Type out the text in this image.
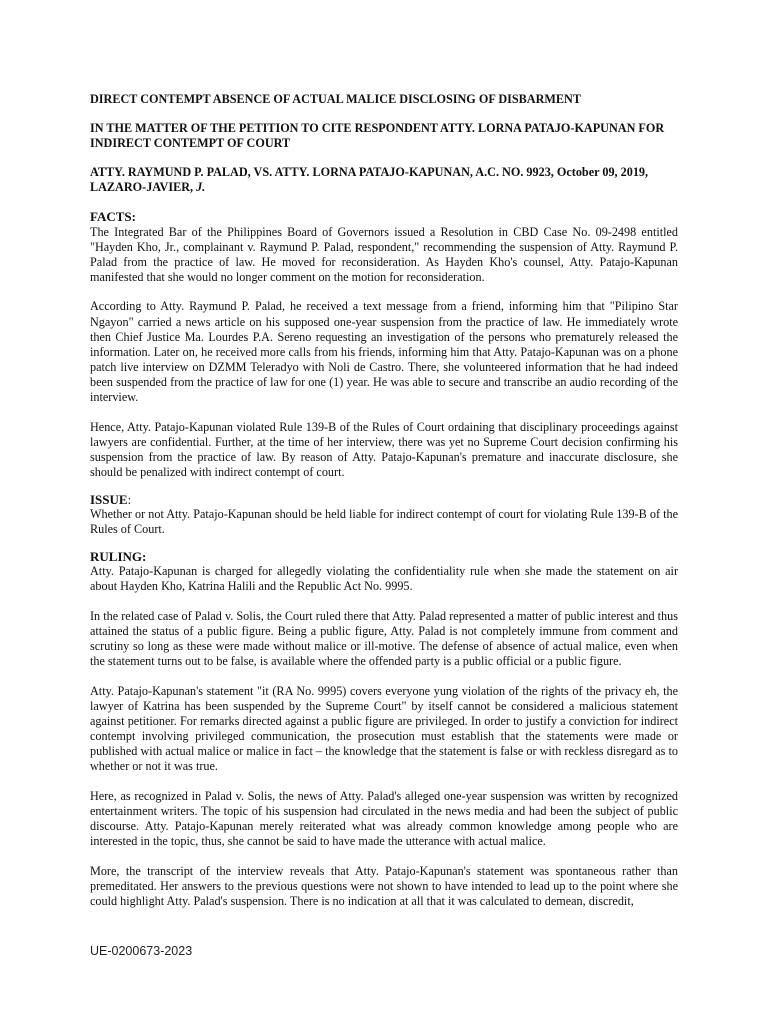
DIRECT CONTEMPT ABSENCE OF ACTUAL MALICE DISCLOSING OF DISBARMENT
IN THE MATTER OF THE PETITION TO CITE RESPONDENT ATTY. LORNA PATAJO-KAPUNAN FOR INDIRECT CONTEMPT OF COURT
ATTY. RAYMUND P. PALAD, VS. ATTY. LORNA PATAJO-KAPUNAN, A.C. NO. 9923, October 09, 2019, LAZARO-JAVIER, J.
FACTS:

The Integrated Bar of the Philippines Board of Governors issued a Resolution in CBD Case No. 09-2498 entitled "Hayden Kho, Jr., complainant v. Raymund P. Palad, respondent," recommending the suspension of Atty. Raymund P. Palad from the practice of law. He moved for reconsideration. As Hayden Kho's counsel, Atty. Patajo-Kapunan manifested that she would no longer comment on the motion for reconsideration.

According to Atty. Raymund P. Palad, he received a text message from a friend, informing him that "Pilipino Star Ngayon" carried a news article on his supposed one-year suspension from the practice of law. He immediately wrote then Chief Justice Ma. Lourdes P.A. Sereno requesting an investigation of the persons who prematurely released the information. Later on, he received more calls from his friends, informing him that Atty. Patajo-Kapunan was on a phone patch live interview on DZMM Teleradyo with Noli de Castro. There, she volunteered information that he had indeed been suspended from the practice of law for one (1) year. He was able to secure and transcribe an audio recording of the interview.

Hence, Atty. Patajo-Kapunan violated Rule 139-B of the Rules of Court ordaining that disciplinary proceedings against lawyers are confidential. Further, at the time of her interview, there was yet no Supreme Court decision confirming his suspension from the practice of law. By reason of Atty. Patajo-Kapunan's premature and inaccurate disclosure, she should be penalized with indirect contempt of court.

ISSUE:

Whether or not Atty. Patajo-Kapunan should be held liable for indirect contempt of court for violating Rule 139-B of the Rules of Court.

RULING:

Atty. Patajo-Kapunan is charged for allegedly violating the confidentiality rule when she made the statement on air about Hayden Kho, Katrina Halili and the Republic Act No. 9995.

In the related case of Palad v. Solis, the Court ruled there that Atty. Palad represented a matter of public interest and thus attained the status of a public figure. Being a public figure, Atty. Palad is not completely immune from comment and scrutiny so long as these were made without malice or ill-motive. The defense of absence of actual malice, even when the statement turns out to be false, is available where the offended party is a public official or a public figure.

Atty. Patajo-Kapunan's statement "it (RA No. 9995) covers everyone yung violation of the rights of the privacy eh, the lawyer of Katrina has been suspended by the Supreme Court" by itself cannot be considered a malicious statement against petitioner. For remarks directed against a public figure are privileged. In order to justify a conviction for indirect contempt involving privileged communication, the prosecution must establish that the statements were made or published with actual malice or malice in fact – the knowledge that the statement is false or with reckless disregard as to whether or not it was true.

Here, as recognized in Palad v. Solis, the news of Atty. Palad's alleged one-year suspension was written by recognized entertainment writers. The topic of his suspension had circulated in the news media and had been the subject of public discourse. Atty. Patajo-Kapunan merely reiterated what was already common knowledge among people who are interested in the topic, thus, she cannot be said to have made the utterance with actual malice.

More, the transcript of the interview reveals that Atty. Patajo-Kapunan's statement was spontaneous rather than premeditated. Her answers to the previous questions were not shown to have intended to lead up to the point where she could highlight Atty. Palad's suspension. There is no indication at all that it was calculated to demean, discredit,

UE-0200673-2023
